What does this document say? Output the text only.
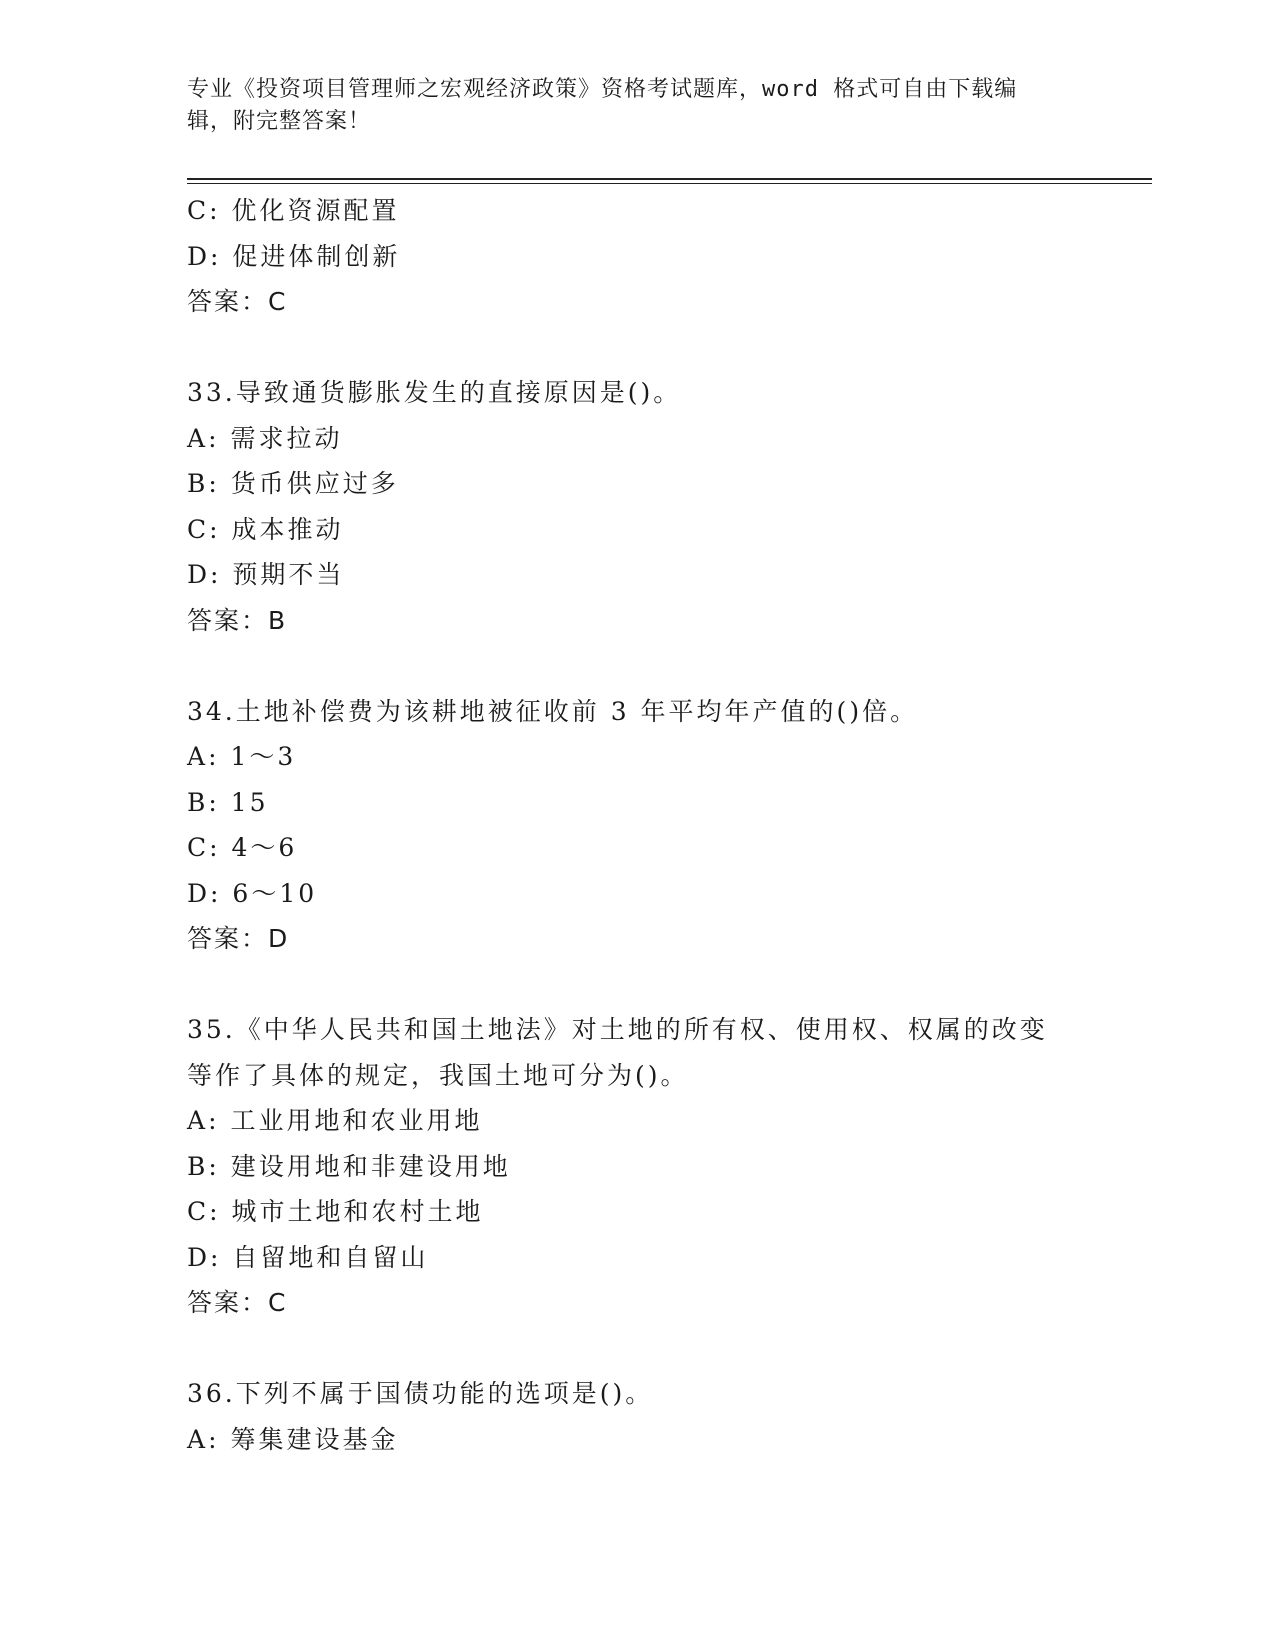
专业《投资项目管理师之宏观经济政策》资格考试题库，word 格式可自由下载编
辑，附完整答案！
C: 优化资源配置
D: 促进体制创新
答案：C
33.导致通货膨胀发生的直接原因是()。
A: 需求拉动
B: 货币供应过多
C: 成本推动
D: 预期不当
答案：B
34.土地补偿费为该耕地被征收前 3 年平均年产值的()倍。
A: 1～3
B: 15
C: 4～6
D: 6～10
答案：D
35.《中华人民共和国土地法》对土地的所有权、使用权、权属的改变
等作了具体的规定，我国土地可分为()。
A: 工业用地和农业用地
B: 建设用地和非建设用地
C: 城市土地和农村土地
D: 自留地和自留山
答案：C
36.下列不属于国债功能的选项是()。
A: 筹集建设基金
